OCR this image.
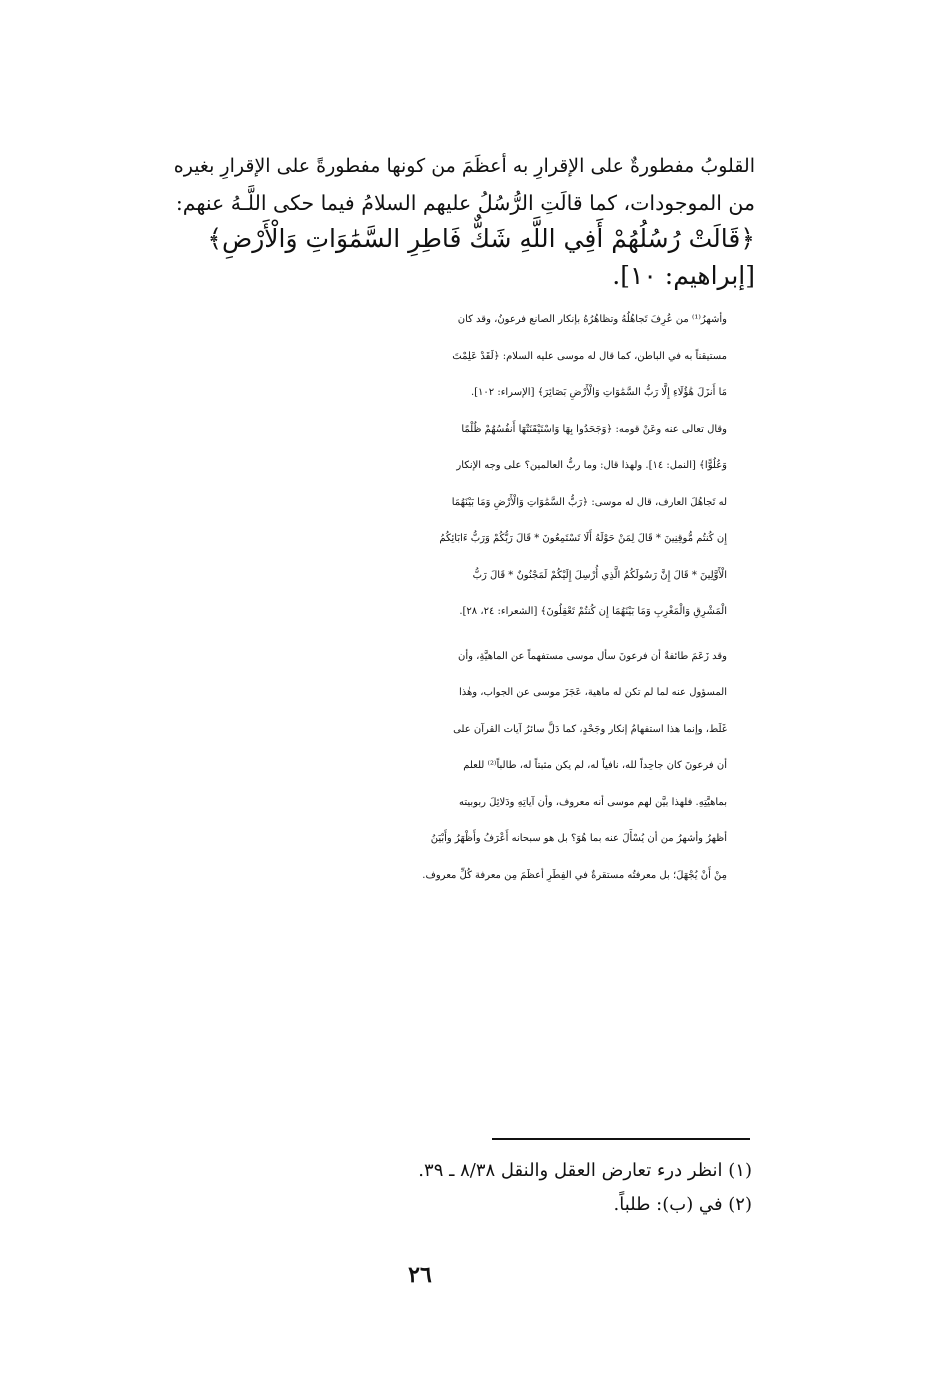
القلوبُ مفطورةٌ على الإقرارِ به أعظَمَ من كونها مفطورةً على الإقرارِ بغيره
من الموجودات، كما قالَتِ الرُّسُلُ عليهم السلامُ فيما حكى اللَّـهُ عنهم:
﴿قَالَتْ رُسُلُهُمْ أَفِي اللَّهِ شَكٌّ فَاطِرِ السَّمَٰوَاتِ وَالْأَرْضِ﴾
[إبراهيم: ١٠].

وأشهرُ⁽¹⁾ من عُرِفَ تَجاهُلُهُ وتظاهُرُهُ بإنكار الصانع فرعونُ، وقد كان
مستيقناً به في الباطن، كما قال له موسى عليه السلام: ﴿لَقَدْ عَلِمْتَ
مَا أَنزَلَ هَٰؤُلَاءِ إِلَّا رَبُّ السَّمَٰوَاتِ وَالْأَرْضِ بَصَائِرَ﴾ [الإسراء: ١٠٢].
وقال تعالى عنه وعَنْ قومه: ﴿وَجَحَدُوا بِهَا وَاسْتَيْقَنَتْهَا أَنفُسُهُمْ ظُلْمًا
وَعُلُوًّا﴾ [النمل: ١٤]. ولهذا قال: وما ربُّ العالمين؟ على وجه الإنكار
له تَجاهُلَ العارف، قال له موسى: ﴿رَبُّ السَّمَٰوَاتِ وَالْأَرْضِ وَمَا بَيْنَهُمَا
إِن كُنتُم مُّوقِنِينَ * قَالَ لِمَنْ حَوْلَهُ أَلَا تَسْتَمِعُونَ * قَالَ رَبُّكُمْ وَرَبُّ ءَابَائِكُمُ
الْأَوَّلِينَ * قَالَ إِنَّ رَسُولَكُمُ الَّذِي أُرْسِلَ إِلَيْكُمْ لَمَجْنُونٌ * قَالَ رَبُّ
الْمَشْرِقِ وَالْمَغْرِبِ وَمَا بَيْنَهُمَا إِن كُنتُمْ تَعْقِلُونَ﴾ [الشعراء: ٢٤، ٢٨].

وقد زَعَمَ طائفةٌ أن فرعونَ سأل موسى مستفهماً عن الماهيَّةِ، وأن
المسؤول عنه لما لم تكن له ماهية، عَجَزَ موسى عن الجواب، وهٰذا
غَلَط، وإنما هذا استفهامُ إنكار وجَحْدٍ، كما دَلَّ سائرُ آيات القرآن على
أن فرعونَ كان جاحِداً لله، نافياً له، لم يكن مثبتاً له، طالباً⁽²⁾ للعلم
بماهيَّتِهِ. فلهذا بيَّن لهم موسى أنه معروف، وأن آياتِهِ ودَلائِلَ ربوبيته
أظهرُ وأشهرُ من أن يُسْأَلَ عنه بما هُوَ؟ بل هو سبحانه أَعْرَفُ وأَظْهَرُ وأَبْيَنُ
مِنْ أَنْ يُجْهَلَ؛ بل معرفتُه مستقرةٌ في الفِطَرِ أعظَمَ مِن معرفة كُلِّ معروف.

(١) انظر درء تعارض العقل والنقل ٨/٣٨ ـ ٣٩.
(٢) في (ب): طلباً.
٢٦
